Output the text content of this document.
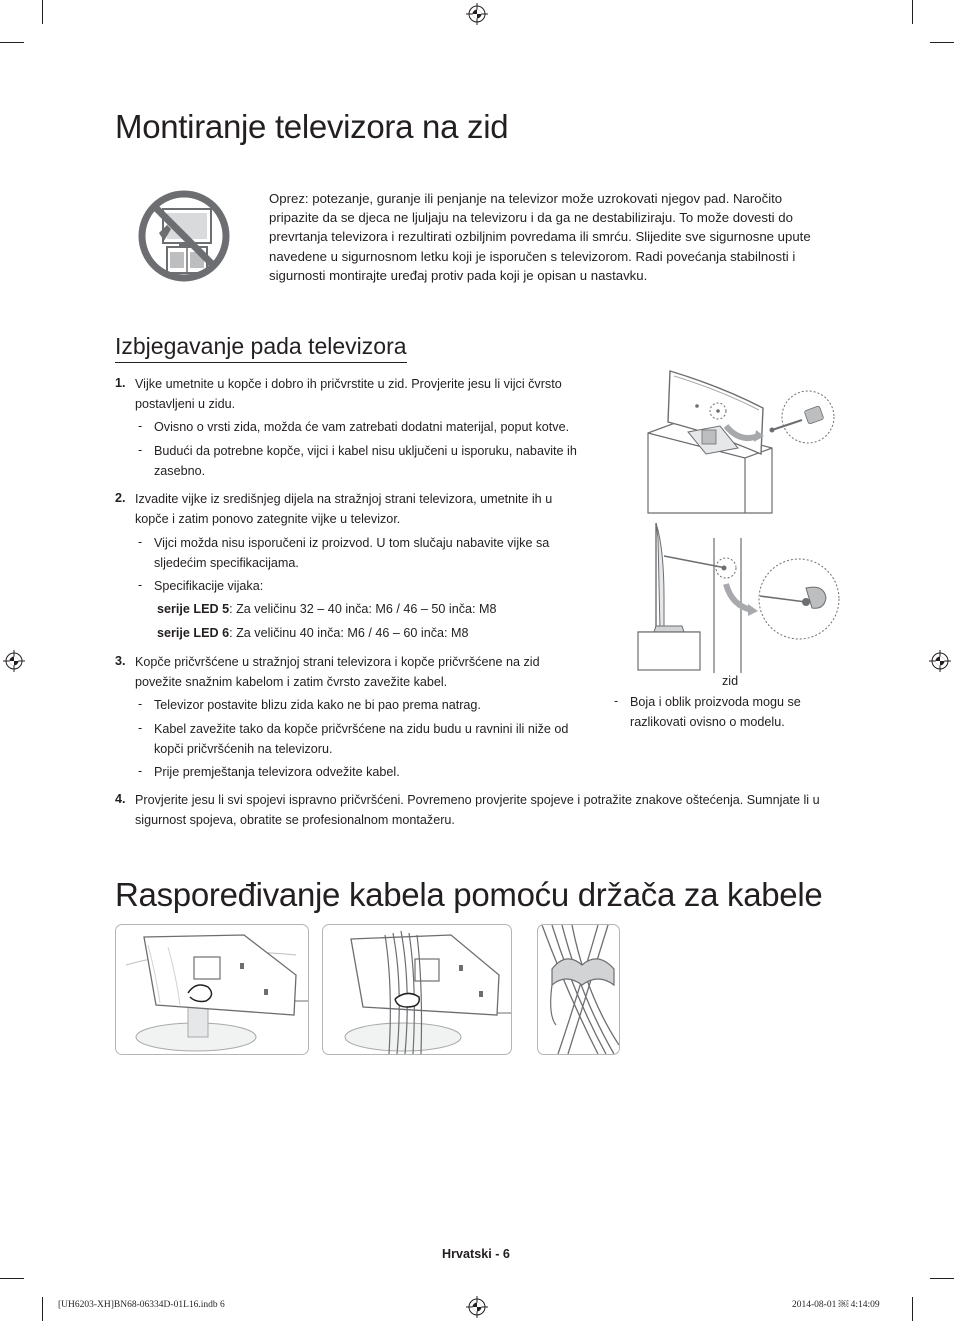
Montiranje televizora na zid
Oprez: potezanje, guranje ili penjanje na televizor može uzrokovati njegov pad. Naročito pripazite da se djeca ne ljuljaju na televizoru i da ga ne destabiliziraju. To može dovesti do prevrtanja televizora i rezultirati ozbiljnim povredama ili smrću. Slijedite sve sigurnosne upute navedene u sigurnosnom letku koji je isporučen s televizorom. Radi povećanja stabilnosti i sigurnosti montirajte uređaj protiv pada koji je opisan u nastavku.
Izbjegavanje pada televizora
1. Vijke umetnite u kopče i dobro ih pričvrstite u zid. Provjerite jesu li vijci čvrsto postavljeni u zidu.
- Ovisno o vrsti zida, možda će vam zatrebati dodatni materijal, poput kotve.
- Budući da potrebne kopče, vijci i kabel nisu uključeni u isporuku, nabavite ih zasebno.
2. Izvadite vijke iz središnjeg dijela na stražnjoj strani televizora, umetnite ih u kopče i zatim ponovo zategnite vijke u televizor.
- Vijci možda nisu isporučeni iz proizvod. U tom slučaju nabavite vijke sa sljedećim specifikacijama.
- Specifikacije vijaka:
serije LED 5: Za veličinu 32 – 40 inča: M6 / 46 – 50 inča: M8
serije LED 6: Za veličinu 40 inča: M6 / 46 – 60 inča: M8
3. Kopče pričvršćene u stražnjoj strani televizora i kopče pričvršćene na zid povežite snažnim kabelom i zatim čvrsto zavežite kabel.
- Televizor postavite blizu zida kako ne bi pao prema natrag.
- Kabel zavežite tako da kopče pričvršćene na zidu budu u ravnini ili niže od kopči pričvršćenih na televizoru.
- Prije premještanja televizora odvežite kabel.
4. Provjerite jesu li svi spojevi ispravno pričvršćeni. Povremeno provjerite spojeve i potražite znakove oštećenja. Sumnjate li u sigurnost spojeva, obratite se profesionalnom montažeru.
zid
- Boja i oblik proizvoda mogu se razlikovati ovisno o modelu.
Raspoređivanje kabela pomoću držača za kabele
Hrvatski - 6
[UH6203-XH]BN68-06334D-01L16.indb 6	2014-08-01 ￼ 4:14:09
